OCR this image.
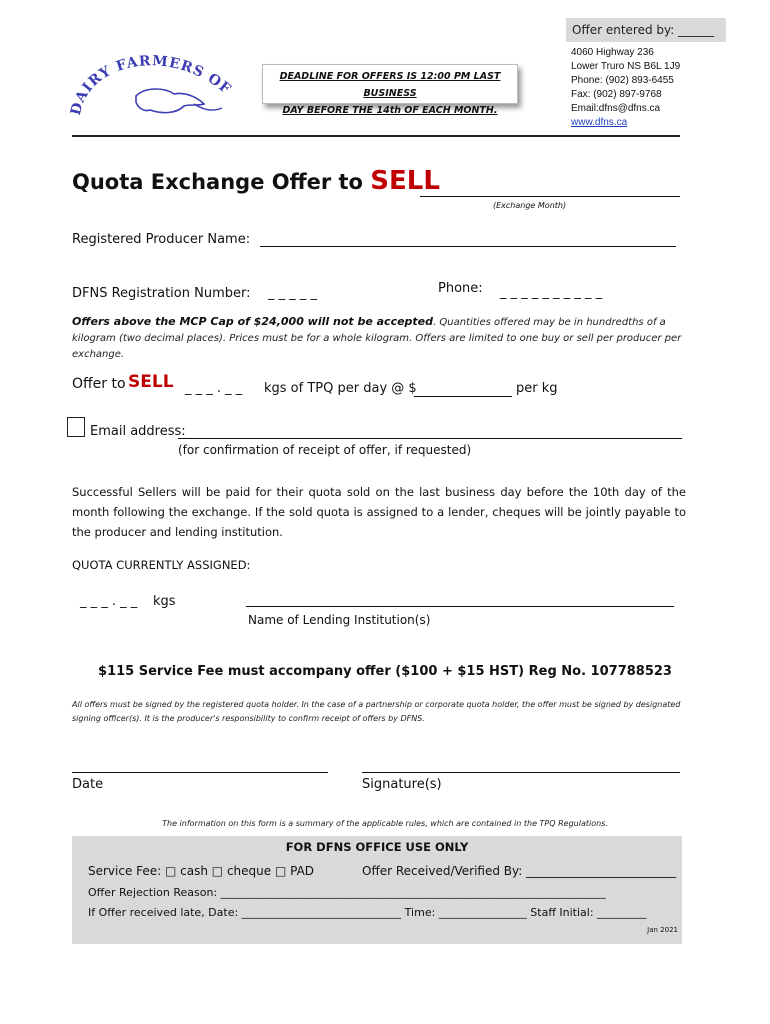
Offer entered by: ______
DAIRY FARMERS OF
DEADLINE FOR OFFERS IS 12:00 PM LAST BUSINESS
DAY BEFORE THE 14th OF EACH MONTH.
4060 Highway 236
Lower Truro NS B6L 1J9
Phone: (902) 893-6455
Fax: (902) 897-9768
Email:dfns@dfns.ca
www.dfns.ca
Quota Exchange Offer to SELL
(Exchange Month)
Registered Producer Name:
DFNS Registration Number: _ _ _ _ _	Phone: _ _ _ _ _ _ _ _ _ _
Offers above the MCP Cap of $24,000 will not be accepted. Quantities offered may be in hundredths of a kilogram (two decimal places). Prices must be for a whole kilogram. Offers are limited to one buy or sell per producer per exchange.
Offer to SELL _ _ _ . _ _ kgs of TPQ per day @ $	per kg
Email address:
(for confirmation of receipt of offer, if requested)
Successful Sellers will be paid for their quota sold on the last business day before the 10th day of the month following the exchange. If the sold quota is assigned to a lender, cheques will be jointly payable to the producer and lending institution.
QUOTA CURRENTLY ASSIGNED:
_ _ _ . _ _ kgs
Name of Lending Institution(s)
$115 Service Fee must accompany offer ($100 + $15 HST) Reg No. 107788523
All offers must be signed by the registered quota holder. In the case of a partnership or corporate quota holder, the offer must be signed by designated signing officer(s). It is the producer's responsibility to confirm receipt of offers by DFNS.
Date	Signature(s)
The information on this form is a summary of the applicable rules, which are contained in the TPQ Regulations.
FOR DFNS OFFICE USE ONLY
Service Fee: □ cash □ cheque □ PAD	Offer Received/Verified By: _________________________
Offer Rejection Reason: ______________________________________________________________________
If Offer received late, Date: _____________________________ Time: ________________ Staff Initial: _________
Jan 2021
